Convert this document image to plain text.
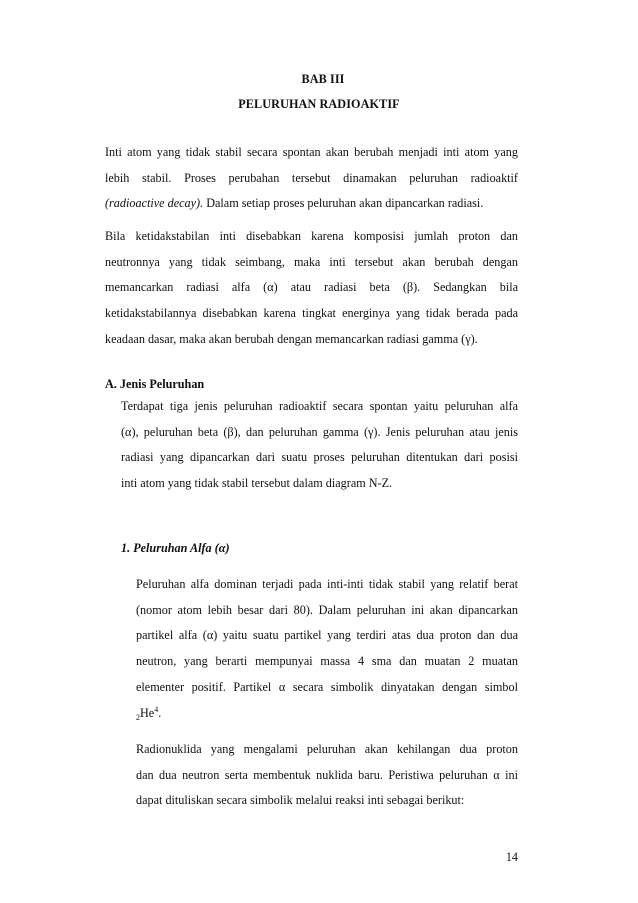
BAB III
PELURUHAN RADIOAKTIF
Inti atom yang tidak stabil secara spontan akan berubah menjadi inti atom yang
lebih stabil. Proses perubahan tersebut dinamakan peluruhan radioaktif
(radioactive decay). Dalam setiap proses peluruhan akan dipancarkan radiasi.
Bila ketidakstabilan inti disebabkan karena komposisi jumlah proton dan
neutronnya yang tidak seimbang, maka inti tersebut akan berubah dengan
memancarkan radiasi alfa (α) atau radiasi beta (β). Sedangkan bila
ketidakstabilannya disebabkan karena tingkat energinya yang tidak berada pada
keadaan dasar, maka akan berubah dengan memancarkan radiasi gamma (γ).
A. Jenis Peluruhan
Terdapat tiga jenis peluruhan radioaktif secara spontan yaitu peluruhan alfa
(α), peluruhan beta (β), dan peluruhan gamma (γ). Jenis peluruhan atau jenis
radiasi yang dipancarkan dari suatu proses peluruhan ditentukan dari posisi
inti atom yang tidak stabil tersebut dalam diagram N-Z.
1. Peluruhan Alfa (α)
Peluruhan alfa dominan terjadi pada inti-inti tidak stabil yang relatif berat
(nomor atom lebih besar dari 80). Dalam peluruhan ini akan dipancarkan
partikel alfa (α) yaitu suatu partikel yang terdiri atas dua proton dan dua
neutron, yang berarti mempunyai massa 4 sma dan muatan 2 muatan
elementer positif. Partikel α secara simbolik dinyatakan dengan simbol
$_2He^4$.
Radionuklida yang mengalami peluruhan akan kehilangan dua proton
dan dua neutron serta membentuk nuklida baru. Peristiwa peluruhan α ini
dapat dituliskan secara simbolik melalui reaksi inti sebagai berikut:
14
